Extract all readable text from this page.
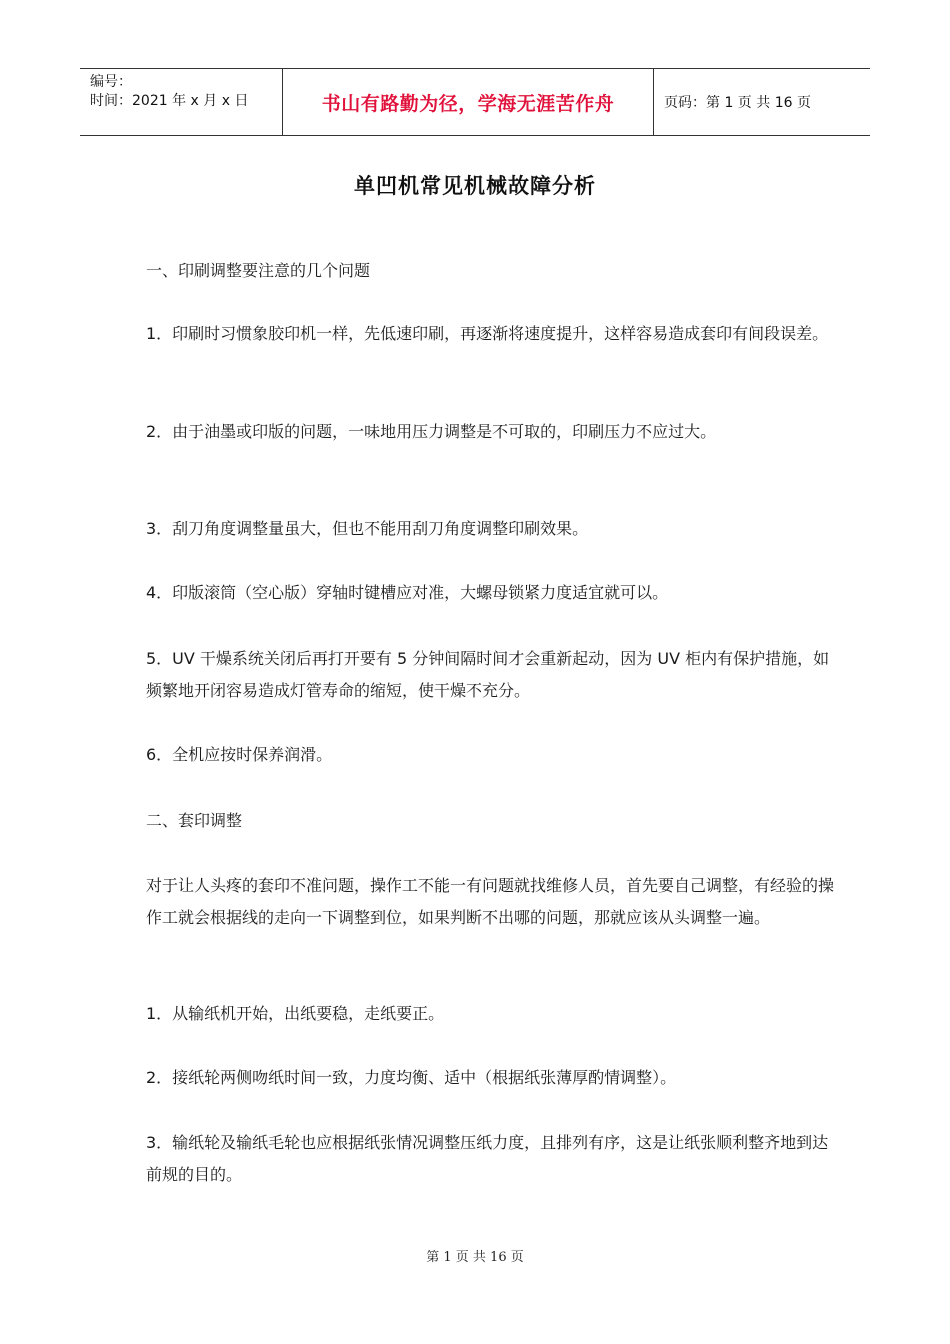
编号：
时间：2021 年 x 月 x 日	书山有路勤为径，学海无涯苦作舟	页码：第 1 页 共 16 页
单凹机常见机械故障分析

一、印刷调整要注意的几个问题

1．印刷时习惯象胶印机一样，先低速印刷，再逐渐将速度提升，这样容易造成套印有间段误差。

2．由于油墨或印版的问题，一味地用压力调整是不可取的，印刷压力不应过大。

3．刮刀角度调整量虽大，但也不能用刮刀角度调整印刷效果。

4．印版滚筒（空心版）穿轴时键槽应对准，大螺母锁紧力度适宜就可以。

5．UV 干燥系统关闭后再打开要有 5 分钟间隔时间才会重新起动，因为 UV 柜内有保护措施，如频繁地开闭容易造成灯管寿命的缩短，使干燥不充分。

6．全机应按时保养润滑。

二、套印调整

对于让人头疼的套印不准问题，操作工不能一有问题就找维修人员，首先要自己调整，有经验的操作工就会根据线的走向一下调整到位，如果判断不出哪的问题，那就应该从头调整一遍。

1．从输纸机开始，出纸要稳，走纸要正。

2．接纸轮两侧吻纸时间一致，力度均衡、适中（根据纸张薄厚酌情调整）。

3．输纸轮及输纸毛轮也应根据纸张情况调整压纸力度，且排列有序，这是让纸张顺利整齐地到达前规的目的。

第 1 页 共 16 页
